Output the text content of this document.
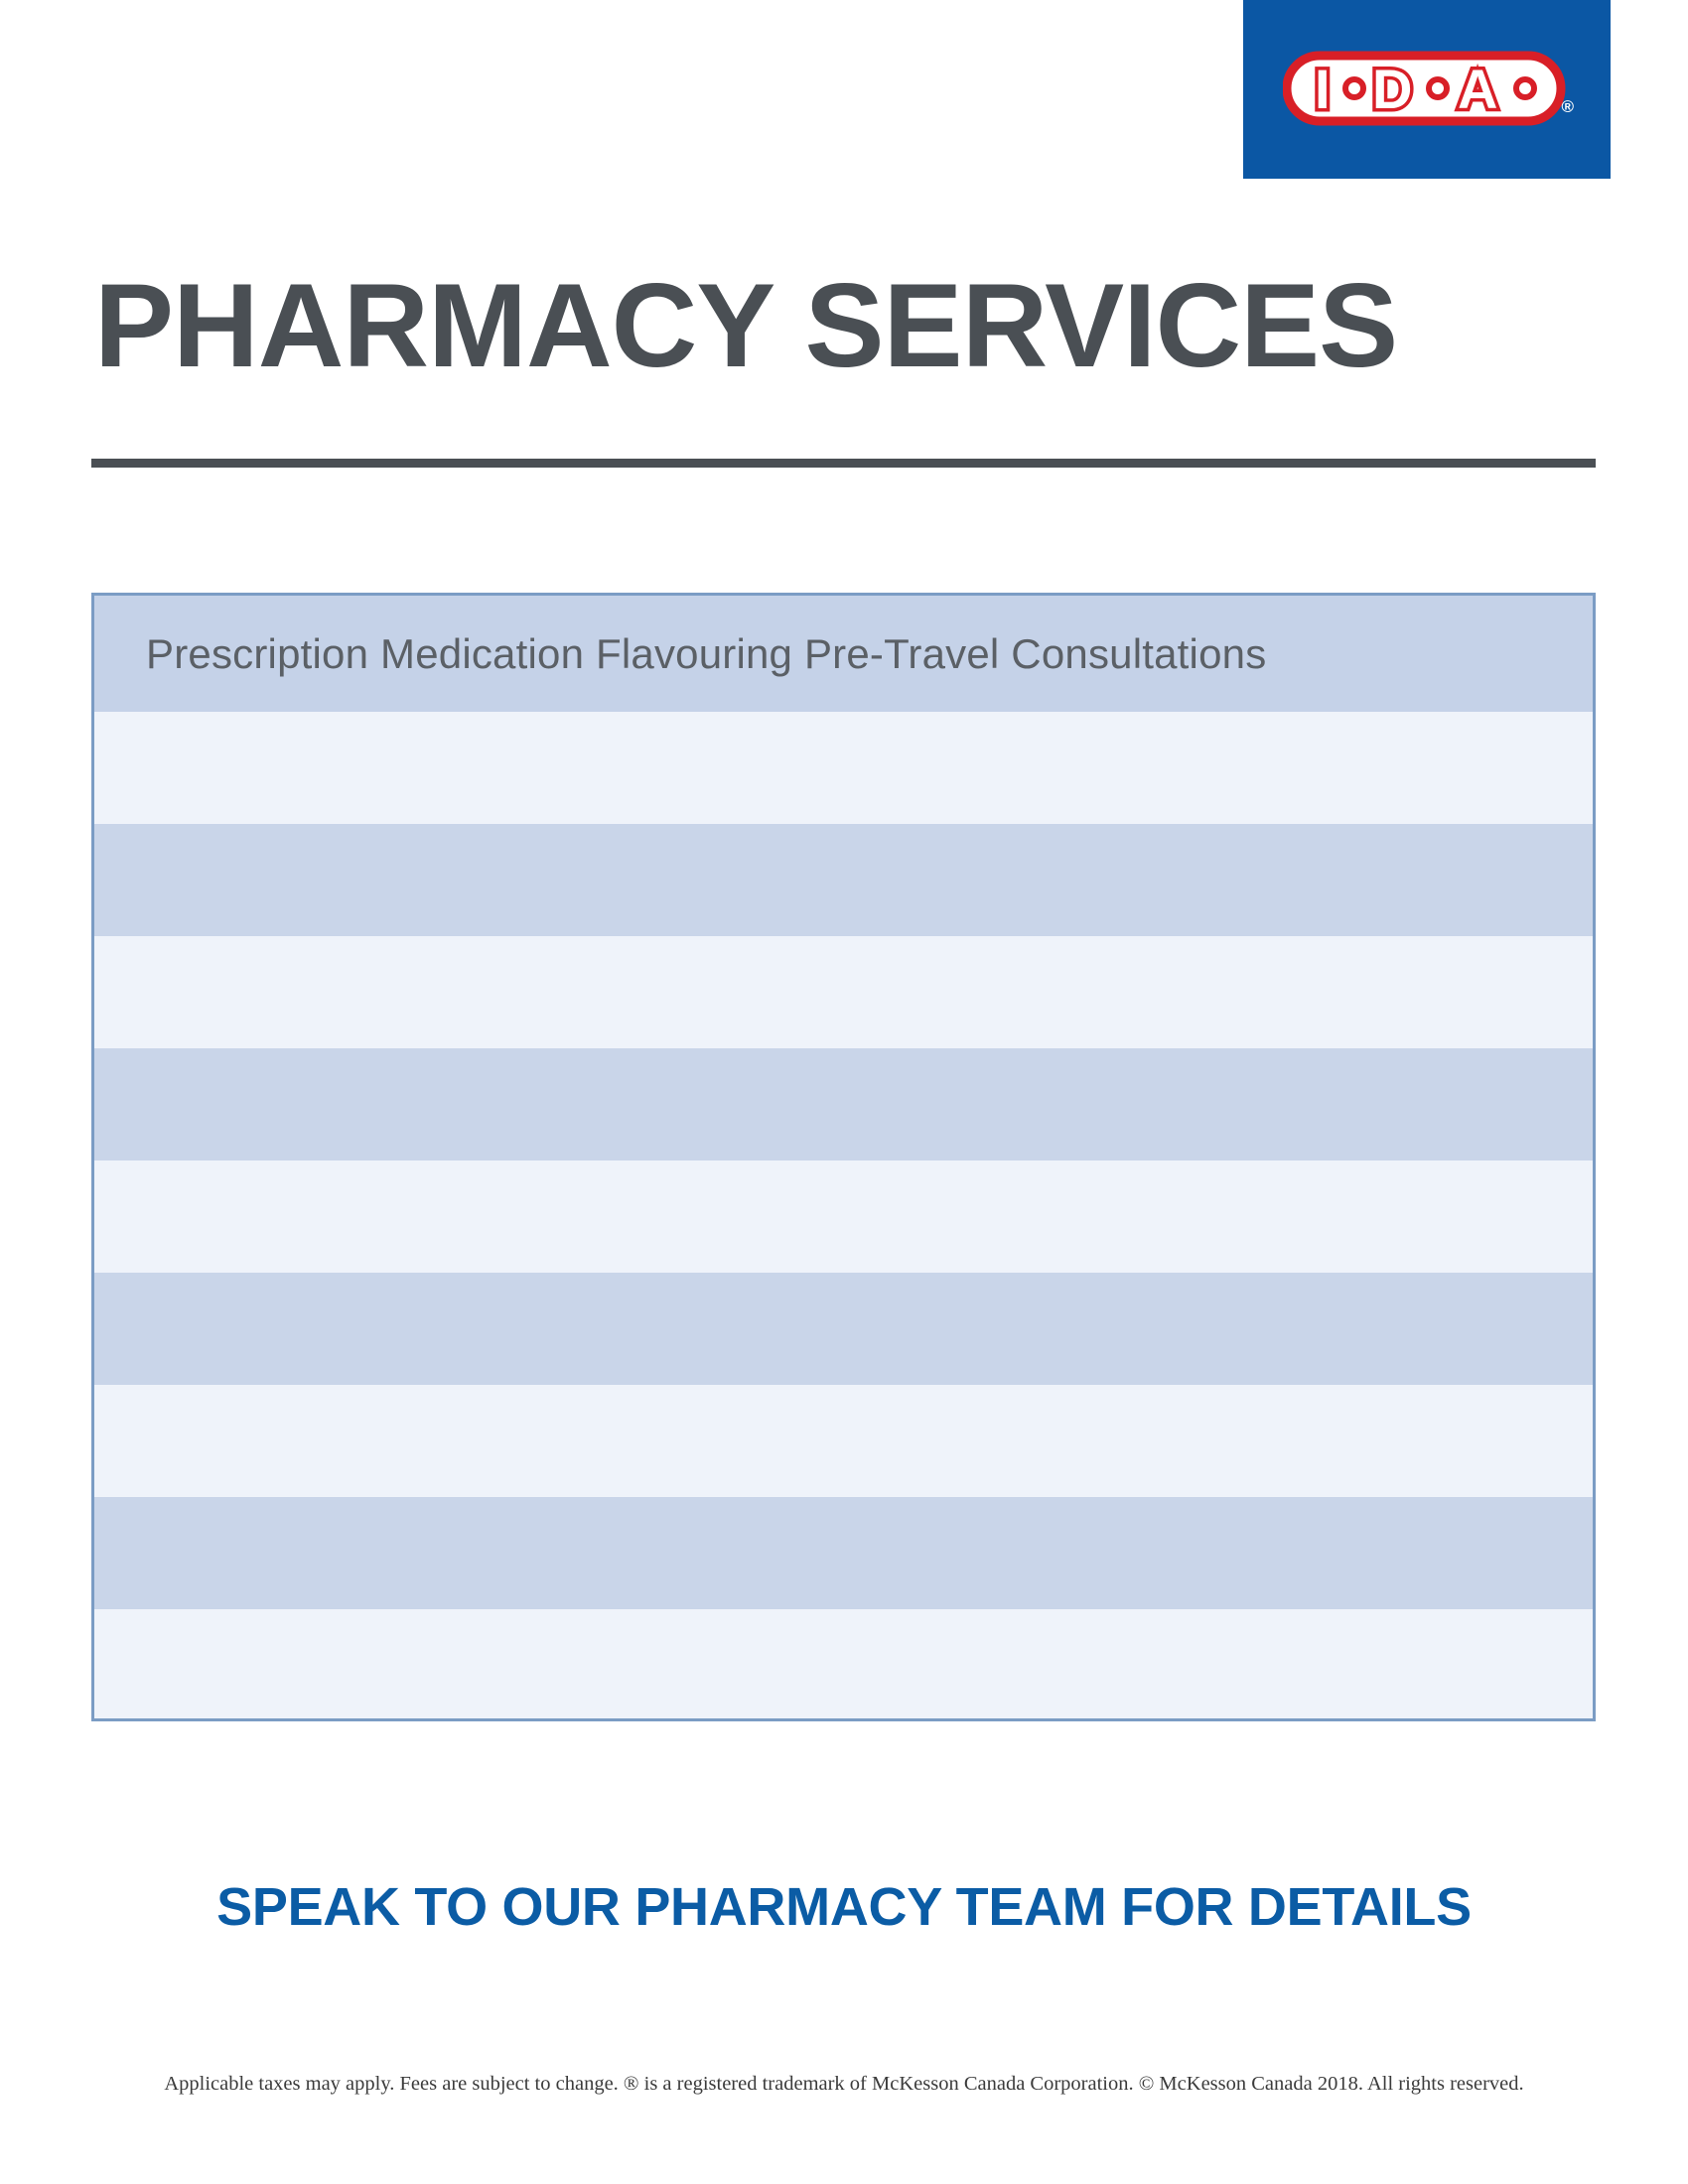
I D A	®
PHARMACY SERVICES
Prescription Medication Flavouring Pre-Travel Consultations
SPEAK TO OUR PHARMACY TEAM FOR DETAILS
Applicable taxes may apply. Fees are subject to change. ® is a registered trademark of McKesson Canada Corporation. © McKesson Canada 2018. All rights reserved.
